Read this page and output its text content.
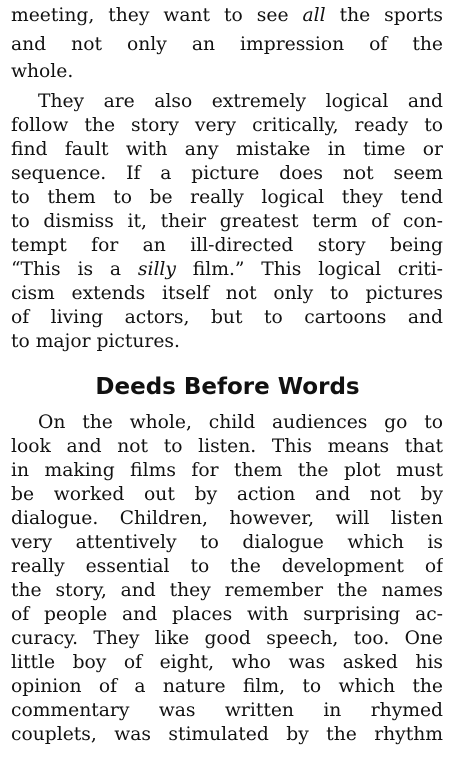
meeting, they want to see all the sports
and not only an impression of the
whole.
They are also extremely logical and
follow the story very critically, ready to
find fault with any mistake in time or
sequence. If a picture does not seem
to them to be really logical they tend
to dismiss it, their greatest term of con-
tempt for an ill-directed story being
“This is a silly film.” This logical criti-
cism extends itself not only to pictures
of living actors, but to cartoons and
to major pictures.
Deeds Before Words
On the whole, child audiences go to
look and not to listen. This means that
in making films for them the plot must
be worked out by action and not by
dialogue. Children, however, will listen
very attentively to dialogue which is
really essential to the development of
the story, and they remember the names
of people and places with surprising ac-
curacy. They like good speech, too. One
little boy of eight, who was asked his
opinion of a nature film, to which the
commentary was written in rhymed
couplets, was stimulated by the rhythm
